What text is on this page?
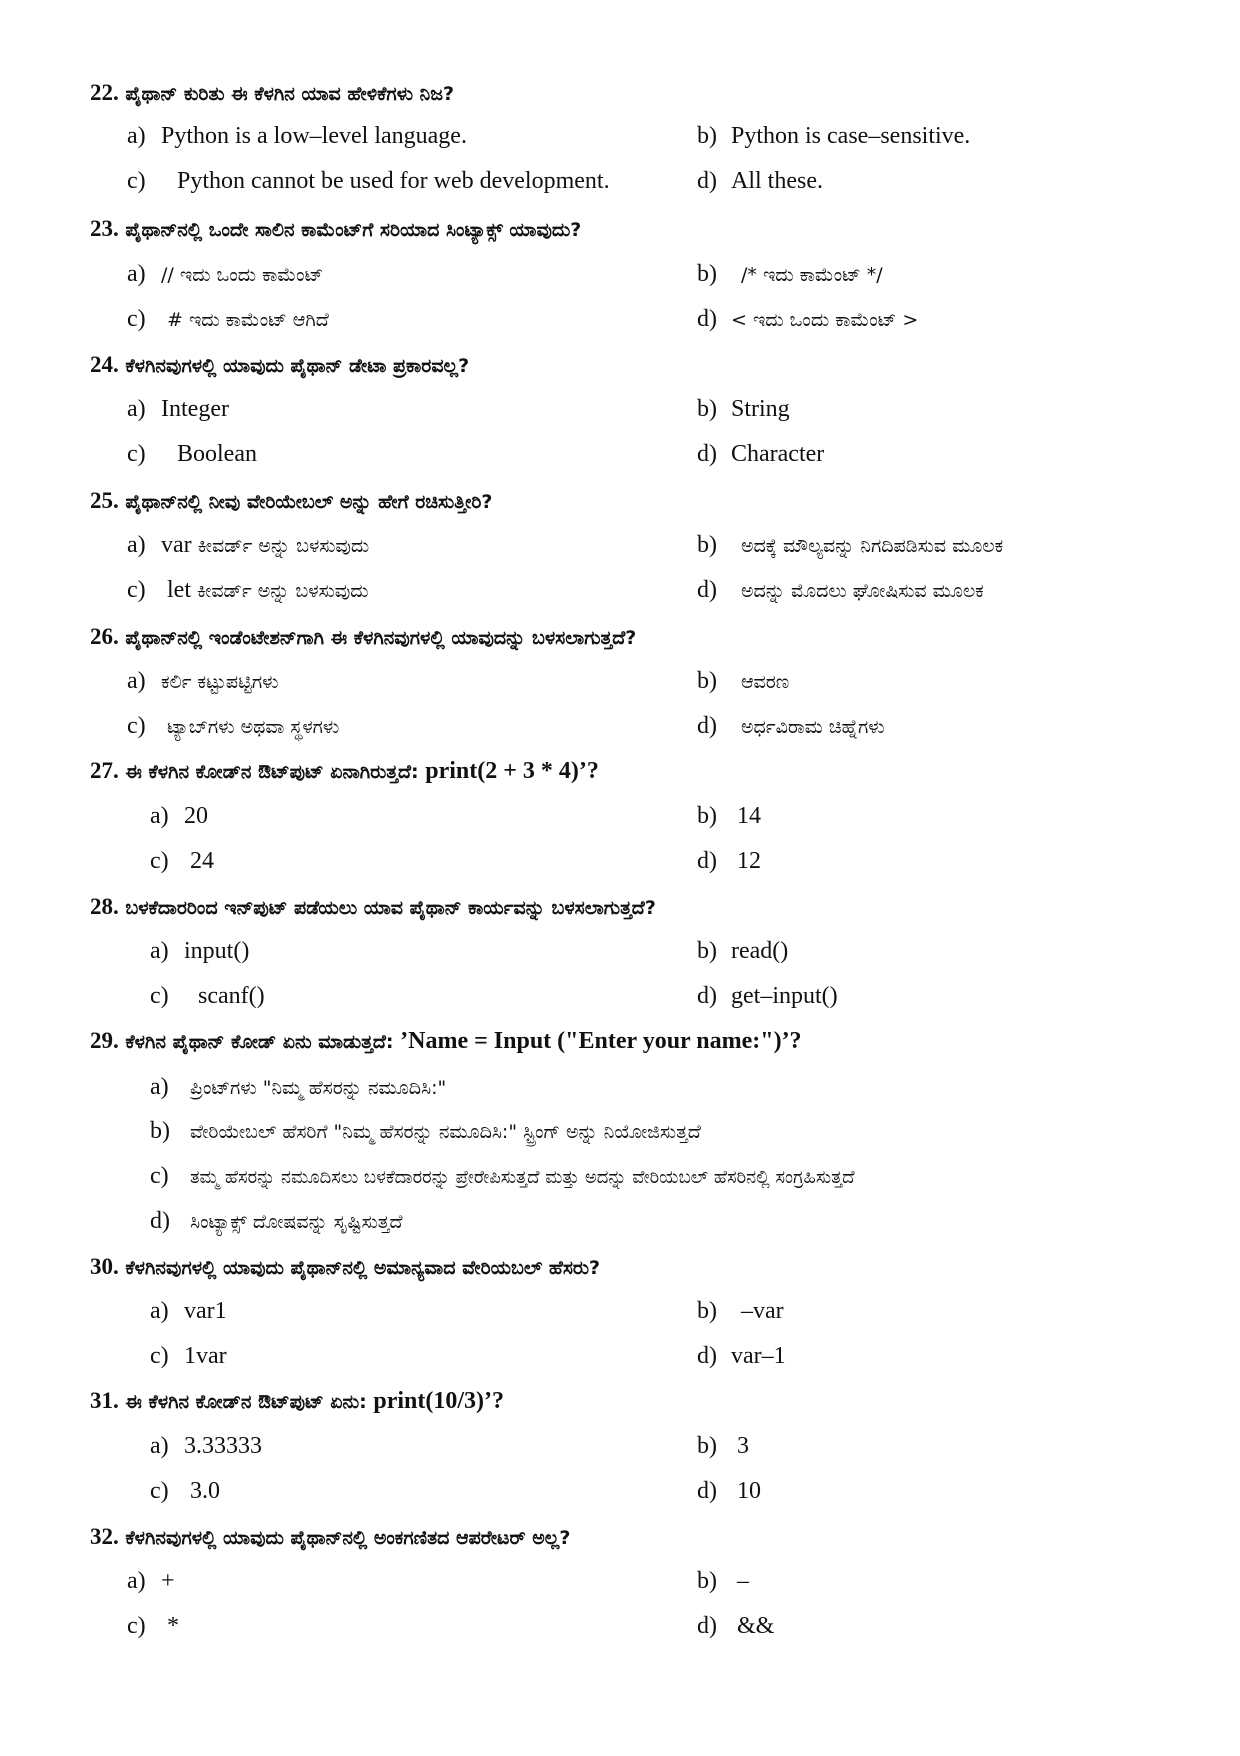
22. ಪೈಥಾನ್ ಕುರಿತು ಈ ಕೆಳಗಿನ ಯಾವ ಹೇಳಿಕೆಗಳು ನಿಜ?
a) Python is a low–level language.	b) Python is case–sensitive.
c) Python cannot be used for web development.	d) All these.
23. ಪೈಥಾನ್‌ನಲ್ಲಿ ಒಂದೇ ಸಾಲಿನ ಕಾಮೆಂಟ್‌ಗೆ ಸರಿಯಾದ ಸಿಂಟ್ಯಾಕ್ಸ್ ಯಾವುದು?
a) // ಇದು ಒಂದು ಕಾಮೆಂಟ್	b) /* ಇದು ಕಾಮೆಂಟ್ */
c) # ಇದು ಕಾಮೆಂಟ್ ಆಗಿದೆ	d) < ಇದು ಒಂದು ಕಾಮೆಂಟ್ >
24. ಕೆಳಗಿನವುಗಳಲ್ಲಿ ಯಾವುದು ಪೈಥಾನ್ ಡೇಟಾ ಪ್ರಕಾರವಲ್ಲ?
a) Integer	b) String
c) Boolean	d) Character
25. ಪೈಥಾನ್‌ನಲ್ಲಿ ನೀವು ವೇರಿಯೇಬಲ್ ಅನ್ನು ಹೇಗೆ ರಚಿಸುತ್ತೀರಿ?
a) var ಕೀವರ್ಡ್ ಅನ್ನು ಬಳಸುವುದು	b) ಅದಕ್ಕೆ ಮೌಲ್ಯವನ್ನು ನಿಗದಿಪಡಿಸುವ ಮೂಲಕ
c) let ಕೀವರ್ಡ್ ಅನ್ನು ಬಳಸುವುದು	d) ಅದನ್ನು ಮೊದಲು ಘೋಷಿಸುವ ಮೂಲಕ
26. ಪೈಥಾನ್‌ನಲ್ಲಿ ಇಂಡೆಂಟೇಶನ್‌ಗಾಗಿ ಈ ಕೆಳಗಿನವುಗಳಲ್ಲಿ ಯಾವುದನ್ನು ಬಳಸಲಾಗುತ್ತದೆ?
a) ಕರ್ಲಿ ಕಟ್ಟುಪಟ್ಟಿಗಳು	b) ಆವರಣ
c) ಟ್ಯಾಬ್‌ಗಳು ಅಥವಾ ಸ್ಥಳಗಳು	d) ಅರ್ಧವಿರಾಮ ಚಿಹ್ನೆಗಳು
27. ಈ ಕೆಳಗಿನ ಕೋಡ್‌ನ ಔಟ್‌ಪುಟ್ ಏನಾಗಿರುತ್ತದೆ: print(2 + 3 * 4)’?
a) 20	b) 14
c) 24	d) 12
28. ಬಳಕೆದಾರರಿಂದ ಇನ್‌ಪುಟ್ ಪಡೆಯಲು ಯಾವ ಪೈಥಾನ್ ಕಾರ್ಯವನ್ನು ಬಳಸಲಾಗುತ್ತದೆ?
a) input()	b) read()
c) scanf()	d) get–input()
29. ಕೆಳಗಿನ ಪೈಥಾನ್ ಕೋಡ್ ಏನು ಮಾಡುತ್ತದೆ: ’Name = Input ("Enter your name:")’?
a) ಪ್ರಿಂಟ್‌ಗಳು "ನಿಮ್ಮ ಹೆಸರನ್ನು ನಮೂದಿಸಿ:"
b) ವೇರಿಯೇಬಲ್ ಹೆಸರಿಗೆ "ನಿಮ್ಮ ಹೆಸರನ್ನು ನಮೂದಿಸಿ:" ಸ್ಟ್ರಿಂಗ್ ಅನ್ನು ನಿಯೋಜಿಸುತ್ತದೆ
c) ತಮ್ಮ ಹೆಸರನ್ನು ನಮೂದಿಸಲು ಬಳಕೆದಾರರನ್ನು ಪ್ರೇರೇಪಿಸುತ್ತದೆ ಮತ್ತು ಅದನ್ನು ವೇರಿಯಬಲ್ ಹೆಸರಿನಲ್ಲಿ ಸಂಗ್ರಹಿಸುತ್ತದೆ
d) ಸಿಂಟ್ಯಾಕ್ಸ್ ದೋಷವನ್ನು ಸೃಷ್ಟಿಸುತ್ತದೆ
30. ಕೆಳಗಿನವುಗಳಲ್ಲಿ ಯಾವುದು ಪೈಥಾನ್‌ನಲ್ಲಿ ಅಮಾನ್ಯವಾದ ವೇರಿಯಬಲ್ ಹೆಸರು?
a) var1	b) –var
c) 1var	d) var–1
31. ಈ ಕೆಳಗಿನ ಕೋಡ್‌ನ ಔಟ್‌ಪುಟ್ ಏನು: print(10/3)’?
a) 3.33333	b) 3
c) 3.0	d) 10
32. ಕೆಳಗಿನವುಗಳಲ್ಲಿ ಯಾವುದು ಪೈಥಾನ್‌ನಲ್ಲಿ ಅಂಕಗಣಿತದ ಆಪರೇಟರ್ ಅಲ್ಲ?
a) +	b) –
c) *	d) &&
